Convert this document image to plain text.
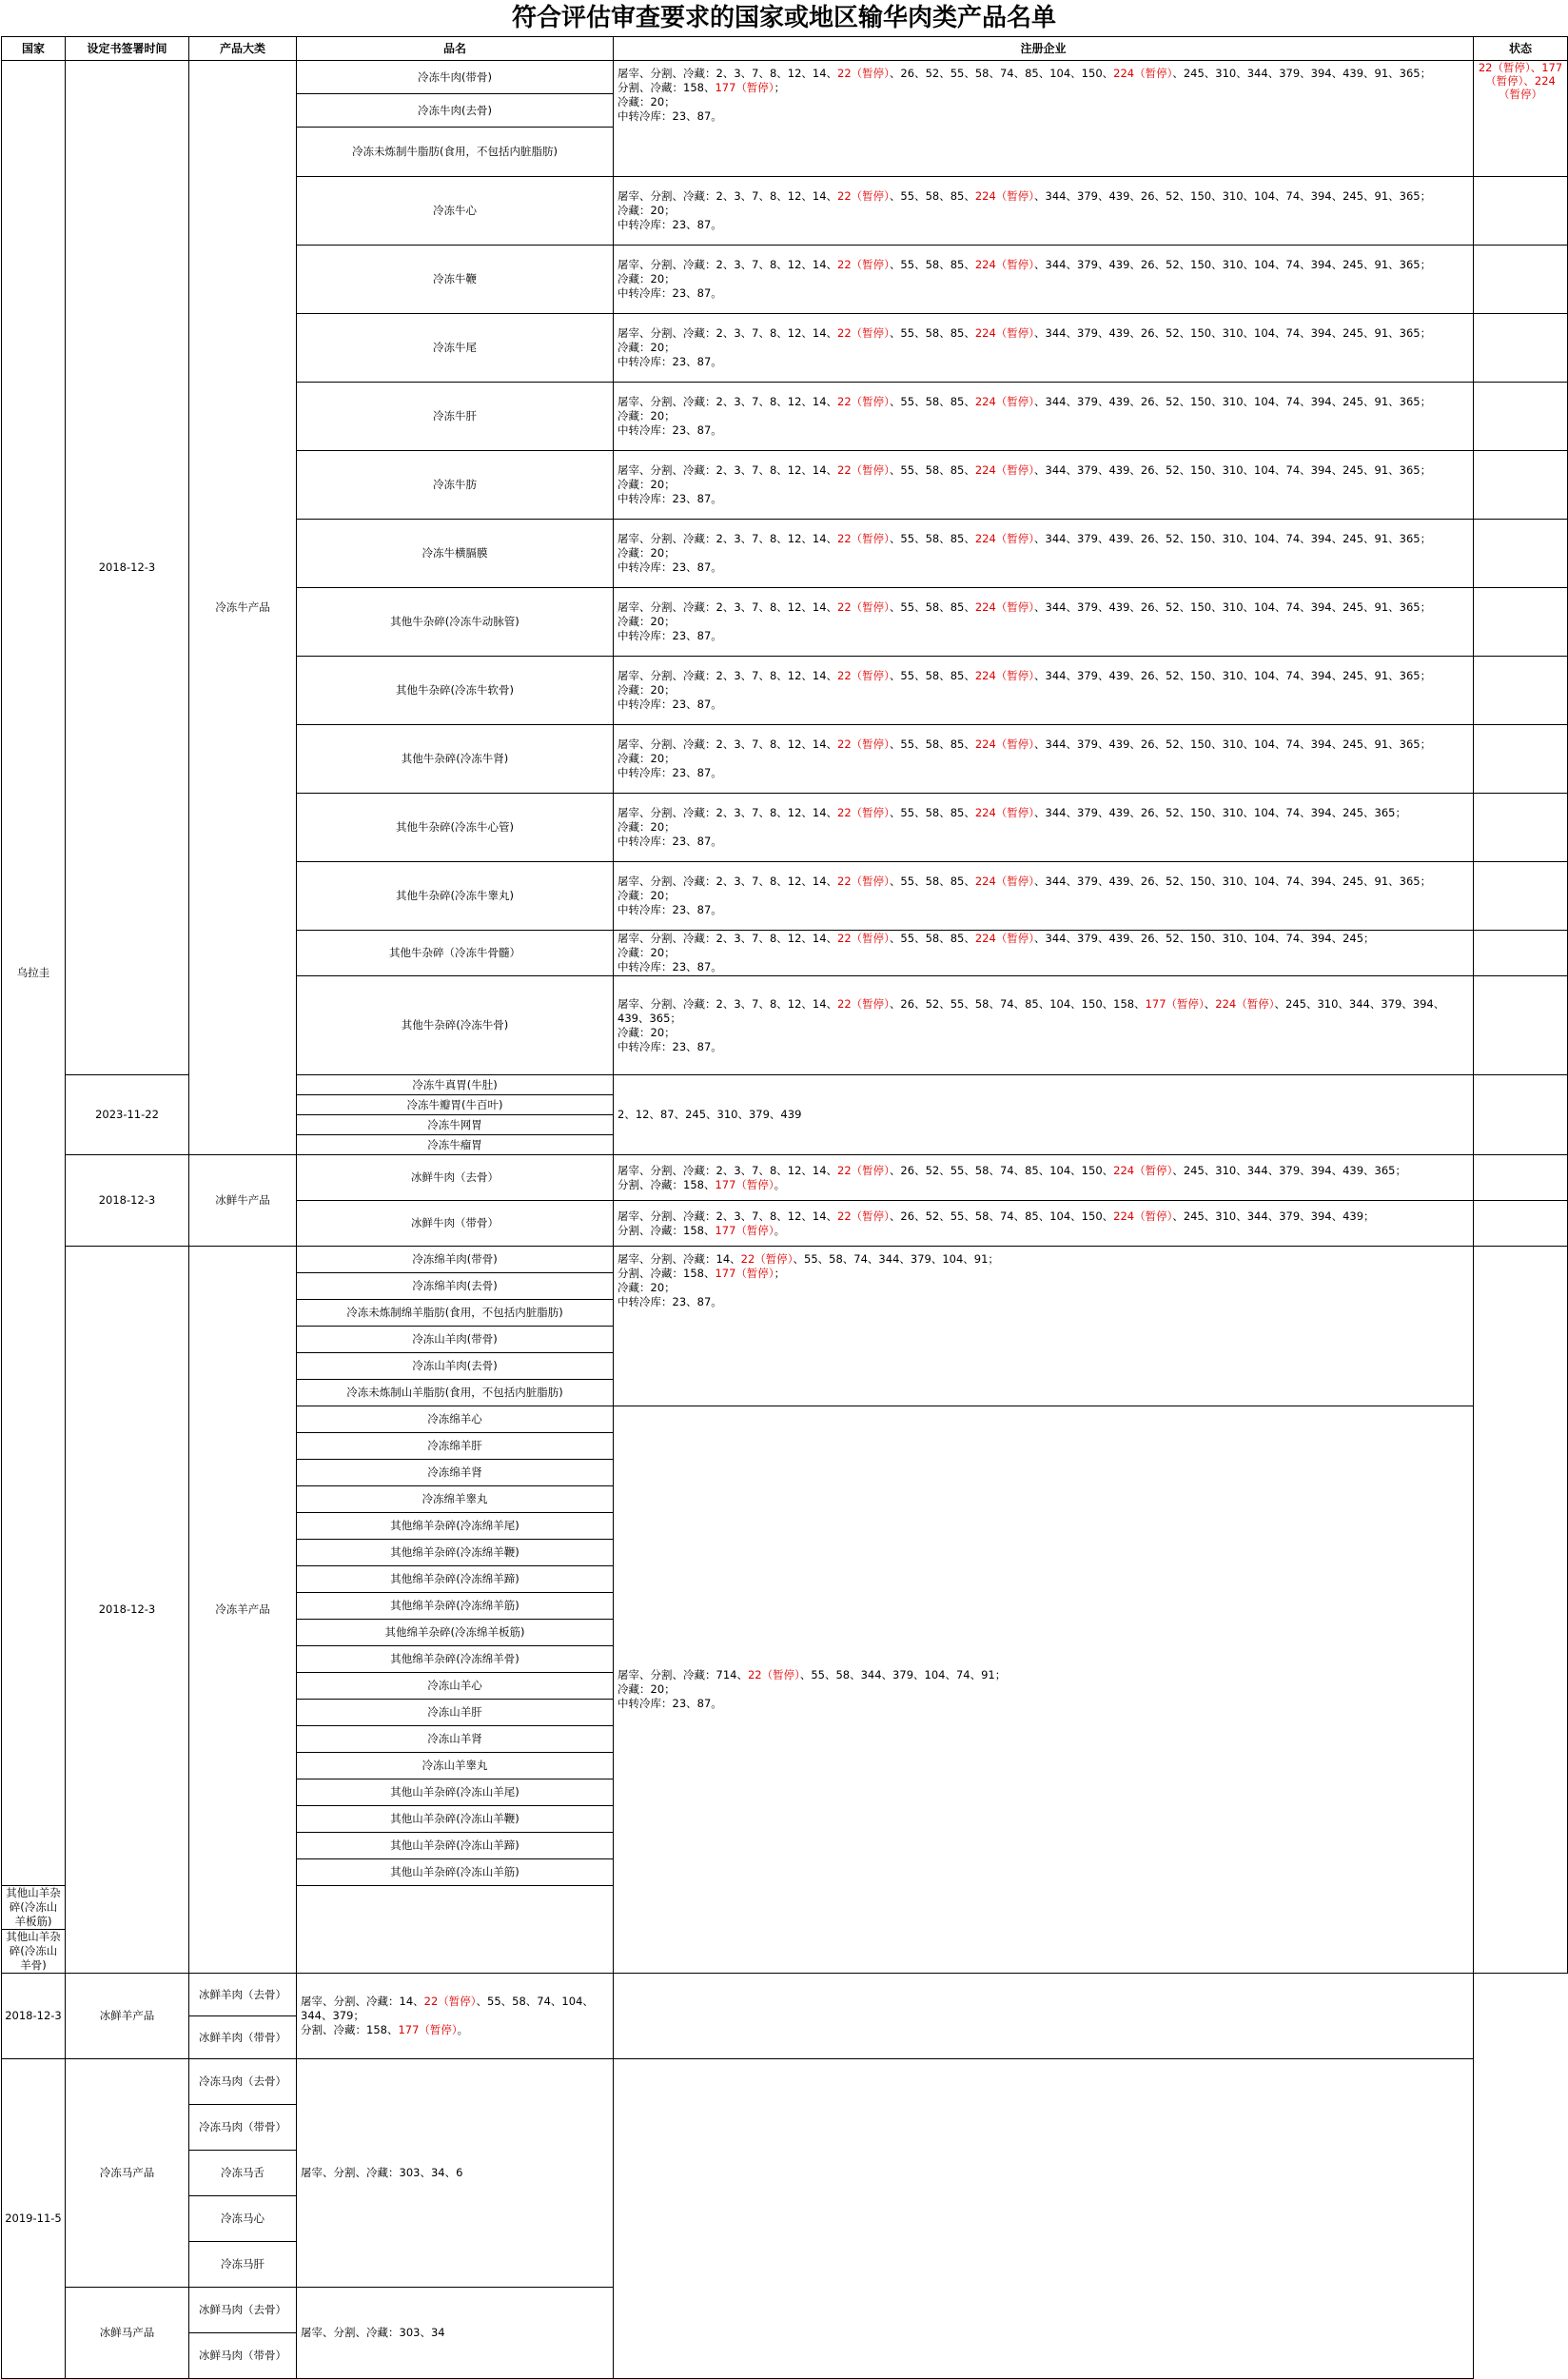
符合评估审查要求的国家或地区输华肉类产品名单
国家	设定书签署时间	产品大类	品名	注册企业	状态
乌拉圭	2018-12-3	冷冻牛产品	冷冻牛肉(带骨)	屠宰、分割、冷藏：2、3、7、8、12、14、22（暂停）、26、52、55、58、74、85、104、150、224（暂停）、245、310、344、379、394、439、91、365；
分割、冷藏：158、177（暂停）；
冷藏：20；
中转冷库：23、87。	22（暂停）、177（暂停）、224（暂停）
			冷冻牛肉(去骨)		
			冷冻未炼制牛脂肪(食用，不包括内脏脂肪)		
			冷冻牛心	屠宰、分割、冷藏：2、3、7、8、12、14、22（暂停）、55、58、85、224（暂停）、344、379、439、26、52、150、310、104、74、394、245、91、365；
冷藏：20；
中转冷库：23、87。	
			冷冻牛鞭	屠宰、分割、冷藏：2、3、7、8、12、14、22（暂停）、55、58、85、224（暂停）、344、379、439、26、52、150、310、104、74、394、245、91、365；
冷藏：20；
中转冷库：23、87。	
			冷冻牛尾	屠宰、分割、冷藏：2、3、7、8、12、14、22（暂停）、55、58、85、224（暂停）、344、379、439、26、52、150、310、104、74、394、245、91、365；
冷藏：20；
中转冷库：23、87。	
			冷冻牛肝	屠宰、分割、冷藏：2、3、7、8、12、14、22（暂停）、55、58、85、224（暂停）、344、379、439、26、52、150、310、104、74、394、245、91、365；
冷藏：20；
中转冷库：23、87。	
			冷冻牛肪	屠宰、分割、冷藏：2、3、7、8、12、14、22（暂停）、55、58、85、224（暂停）、344、379、439、26、52、150、310、104、74、394、245、91、365；
冷藏：20；
中转冷库：23、87。	
			冷冻牛横膈膜	屠宰、分割、冷藏：2、3、7、8、12、14、22（暂停）、55、58、85、224（暂停）、344、379、439、26、52、150、310、104、74、394、245、91、365；
冷藏：20；
中转冷库：23、87。	
			其他牛杂碎(冷冻牛动脉管)	屠宰、分割、冷藏：2、3、7、8、12、14、22（暂停）、55、58、85、224（暂停）、344、379、439、26、52、150、310、104、74、394、245、91、365；
冷藏：20；
中转冷库：23、87。	
			其他牛杂碎(冷冻牛软骨)	屠宰、分割、冷藏：2、3、7、8、12、14、22（暂停）、55、58、85、224（暂停）、344、379、439、26、52、150、310、104、74、394、245、91、365；
冷藏：20；
中转冷库：23、87。	
			其他牛杂碎(冷冻牛肾)	屠宰、分割、冷藏：2、3、7、8、12、14、22（暂停）、55、58、85、224（暂停）、344、379、439、26、52、150、310、104、74、394、245、91、365；
冷藏：20；
中转冷库：23、87。	
			其他牛杂碎(冷冻牛心管)	屠宰、分割、冷藏：2、3、7、8、12、14、22（暂停）、55、58、85、224（暂停）、344、379、439、26、52、150、310、104、74、394、245、365；
冷藏：20；
中转冷库：23、87。	
			其他牛杂碎(冷冻牛睾丸)	屠宰、分割、冷藏：2、3、7、8、12、14、22（暂停）、55、58、85、224（暂停）、344、379、439、26、52、150、310、104、74、394、245、91、365；
冷藏：20；
中转冷库：23、87。	
			其他牛杂碎（冷冻牛骨髓）	屠宰、分割、冷藏：2、3、7、8、12、14、22（暂停）、55、58、85、224（暂停）、344、379、439、26、52、150、310、104、74、394、245；
冷藏：20；
中转冷库：23、87。	
			其他牛杂碎(冷冻牛骨)	屠宰、分割、冷藏：2、3、7、8、12、14、22（暂停）、26、52、55、58、74、85、104、150、158、177（暂停）、224（暂停）、245、310、344、379、394、439、365；
冷藏：20；
中转冷库：23、87。	
	2023-11-22		冷冻牛真胃(牛肚)	2、12、87、245、310、379、439	
			冷冻牛瓣胃(牛百叶)		
			冷冻牛网胃		
			冷冻牛瘤胃		
	2018-12-3	冰鲜牛产品	冰鲜牛肉（去骨）	屠宰、分割、冷藏：2、3、7、8、12、14、22（暂停）、26、52、55、58、74、85、104、150、224（暂停）、245、310、344、379、394、439、365；
分割、冷藏：158、177（暂停）。	
			冰鲜牛肉（带骨）	屠宰、分割、冷藏：2、3、7、8、12、14、22（暂停）、26、52、55、58、74、85、104、150、224（暂停）、245、310、344、379、394、439；
分割、冷藏：158、177（暂停）。	
	2018-12-3	冷冻羊产品	冷冻绵羊肉(带骨)	屠宰、分割、冷藏：14、22（暂停）、55、58、74、344、379、104、91；
分割、冷藏：158、177（暂停）；
冷藏：20；
中转冷库：23、87。	
			冷冻绵羊肉(去骨)		
			冷冻未炼制绵羊脂肪(食用，不包括内脏脂肪)		
			冷冻山羊肉(带骨)		
			冷冻山羊肉(去骨)		
			冷冻未炼制山羊脂肪(食用，不包括内脏脂肪)		
			冷冻绵羊心	屠宰、分割、冷藏：714、22（暂停）、55、58、344、379、104、74、91；
冷藏：20；
中转冷库：23、87。	
			冷冻绵羊肝		
			冷冻绵羊肾		
			冷冻绵羊睾丸		
			其他绵羊杂碎(冷冻绵羊尾)		
			其他绵羊杂碎(冷冻绵羊鞭)		
			其他绵羊杂碎(冷冻绵羊蹄)		
			其他绵羊杂碎(冷冻绵羊筋)		
			其他绵羊杂碎(冷冻绵羊板筋)		
			其他绵羊杂碎(冷冻绵羊骨)		
			冷冻山羊心		
			冷冻山羊肝		
			冷冻山羊肾		
			冷冻山羊睾丸		
			其他山羊杂碎(冷冻山羊尾)		
			其他山羊杂碎(冷冻山羊鞭)		
			其他山羊杂碎(冷冻山羊蹄)		
			其他山羊杂碎(冷冻山羊筋)		
其他山羊杂碎(冷冻山羊板筋)					
其他山羊杂碎(冷冻山羊骨)					
2018-12-3	冰鲜羊产品	冰鲜羊肉（去骨）	屠宰、分割、冷藏：14、22（暂停）、55、58、74、104、344、379；
分割、冷藏：158、177（暂停）。		
		冰鲜羊肉（带骨）			
2019-11-5	冷冻马产品	冷冻马肉（去骨）	屠宰、分割、冷藏：303、34、6		
		冷冻马肉（带骨）			
		冷冻马舌			
		冷冻马心			
		冷冻马肝			
	冰鲜马产品	冰鲜马肉（去骨）	屠宰、分割、冷藏：303、34		
		冰鲜马肉（带骨）			
